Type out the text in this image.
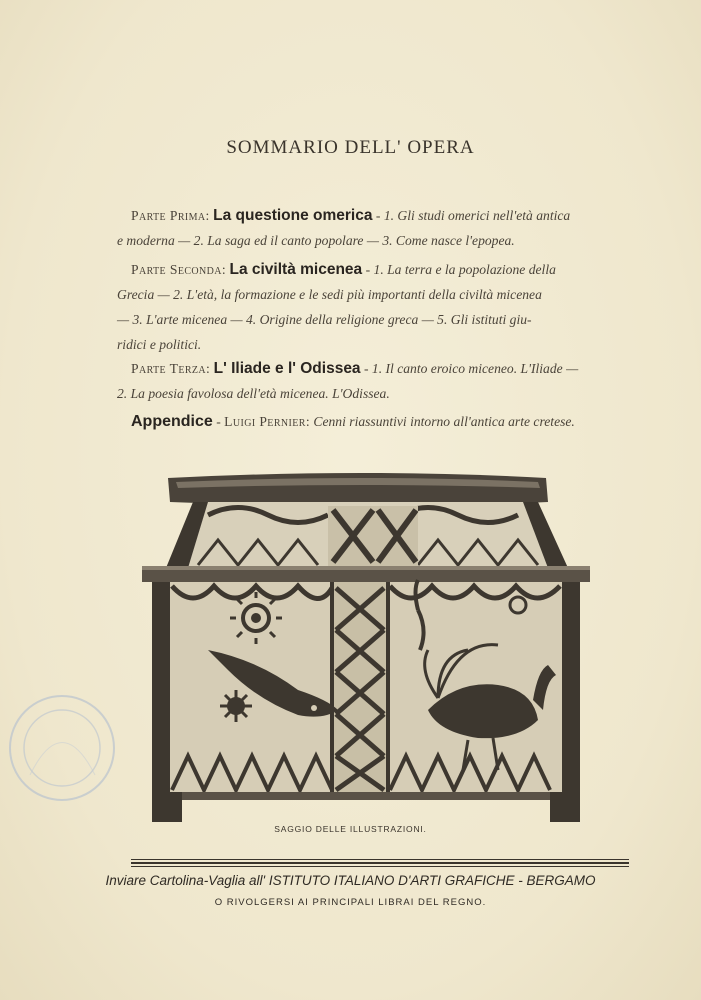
SOMMARIO DELL' OPERA
Parte Prima: La questione omerica - 1. Gli studi omerici nell'età antica
e moderna — 2. La saga ed il canto popolare — 3. Come nasce l'epopea.
Parte Seconda: La civiltà micenea - 1. La terra e la popolazione della
Grecia — 2. L'età, la formazione e le sedi più importanti della civiltà micenea
— 3. L'arte micenea — 4. Origine della religione greca — 5. Gli istituti giu-
ridici e politici.
Parte Terza: L' Iliade e l' Odissea - 1. Il canto eroico miceneo. L'Iliade —
2. La poesia favolosa dell'età micenea. L'Odissea.
Appendice - Luigi Pernier: Cenni riassuntivi intorno all'antica arte cretese.
SAGGIO DELLE ILLUSTRAZIONI.
Inviare Cartolina-Vaglia all' ISTITUTO ITALIANO D'ARTI GRAFICHE - BERGAMO
O RIVOLGERSI AI PRINCIPALI LIBRAI DEL REGNO.
